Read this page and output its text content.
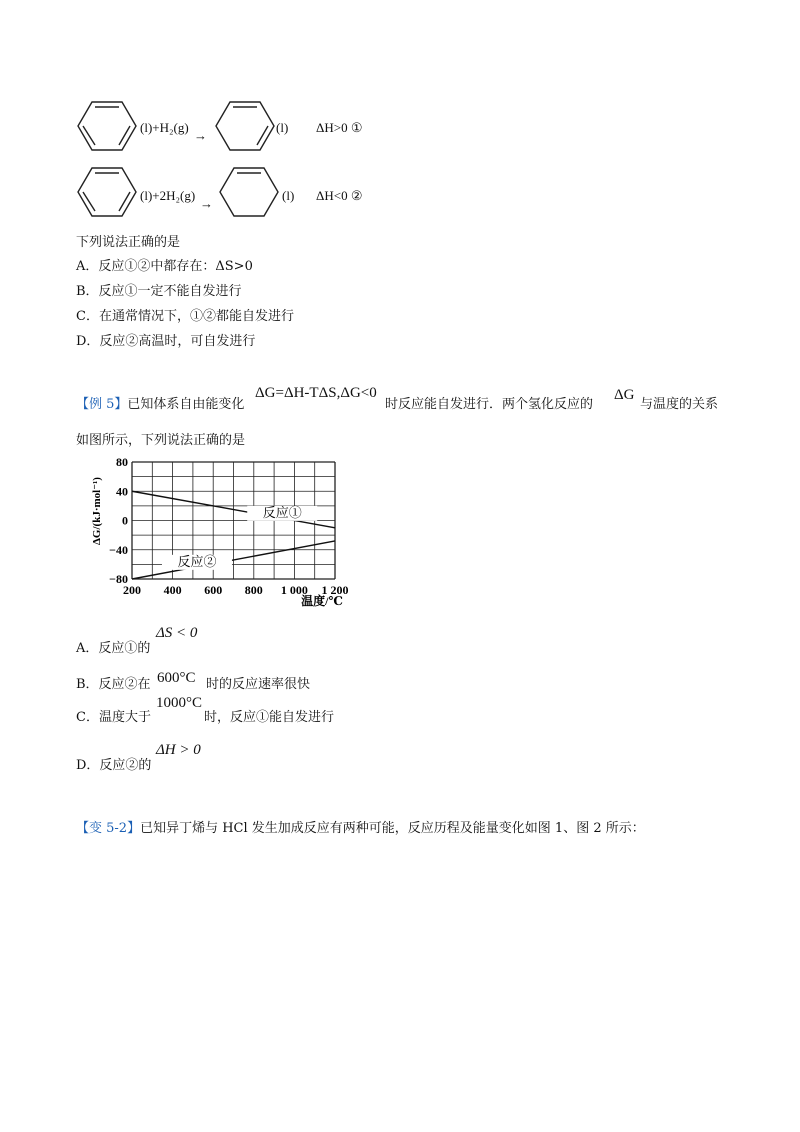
(l)+H₂(g)
→
(l) ΔH>0 ①
(l)+2H₂(g)
→
(l) ΔH<0 ②
下列说法正确的是
A．反应①②中都存在：ΔS>0
B．反应①一定不能自发进行
C．在通常情况下，①②都能自发进行
D．反应②高温时，可自发进行
【例 5】已知体系自由能变化
ΔG=ΔH-TΔS,ΔG<0
时反应能自发进行．两个氢化反应的
ΔG
与温度的关系
如图所示，下列说法正确的是
80
40
0
−40
−80
200 400 600 800 1 000 1 200
反应①
反应②
ΔG/(kJ·mol⁻¹)
温度/℃
A．反应①的
ΔS < 0
B．反应②在 600°C 时的反应速率很快
C．温度大于
1000°C
时，反应①能自发进行
D．反应②的
ΔH > 0
【变 5-2】已知异丁烯与 HCl 发生加成反应有两种可能，反应历程及能量变化如图 1、图 2 所示：
